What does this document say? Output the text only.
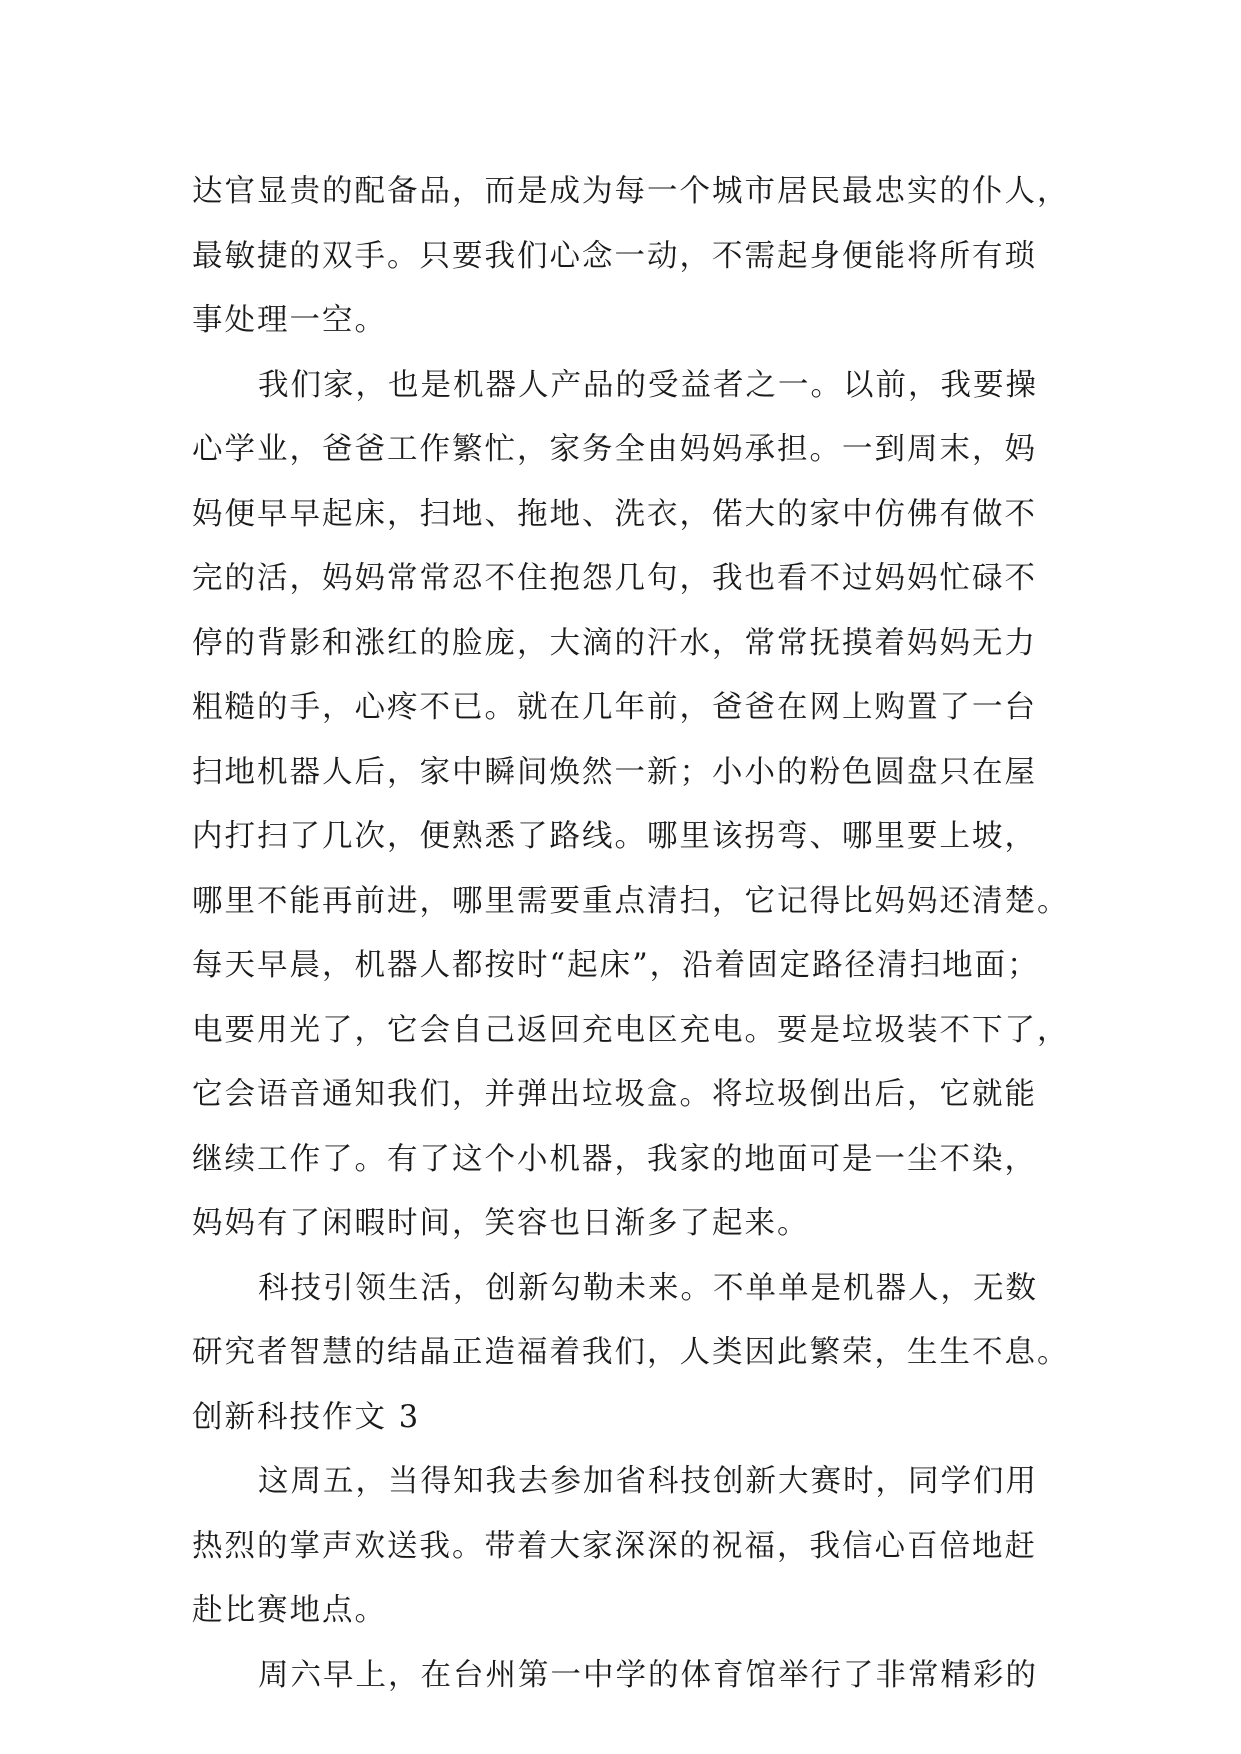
达官显贵的配备品，而是成为每一个城市居民最忠实的仆人，
最敏捷的双手。只要我们心念一动，不需起身便能将所有琐
事处理一空。
我们家，也是机器人产品的受益者之一。以前，我要操
心学业，爸爸工作繁忙，家务全由妈妈承担。一到周末，妈
妈便早早起床，扫地、拖地、洗衣，偌大的家中仿佛有做不
完的活，妈妈常常忍不住抱怨几句，我也看不过妈妈忙碌不
停的背影和涨红的脸庞，大滴的汗水，常常抚摸着妈妈无力
粗糙的手，心疼不已。就在几年前，爸爸在网上购置了一台
扫地机器人后，家中瞬间焕然一新；小小的粉色圆盘只在屋
内打扫了几次，便熟悉了路线。哪里该拐弯、哪里要上坡，
哪里不能再前进，哪里需要重点清扫，它记得比妈妈还清楚。
每天早晨，机器人都按时“起床”，沿着固定路径清扫地面；
电要用光了，它会自己返回充电区充电。要是垃圾装不下了，
它会语音通知我们，并弹出垃圾盒。将垃圾倒出后，它就能
继续工作了。有了这个小机器，我家的地面可是一尘不染，
妈妈有了闲暇时间，笑容也日渐多了起来。
科技引领生活，创新勾勒未来。不单单是机器人，无数
研究者智慧的结晶正造福着我们，人类因此繁荣，生生不息。
创新科技作文 3
这周五，当得知我去参加省科技创新大赛时，同学们用
热烈的掌声欢送我。带着大家深深的祝福，我信心百倍地赶
赴比赛地点。
周六早上，在台州第一中学的体育馆举行了非常精彩的
